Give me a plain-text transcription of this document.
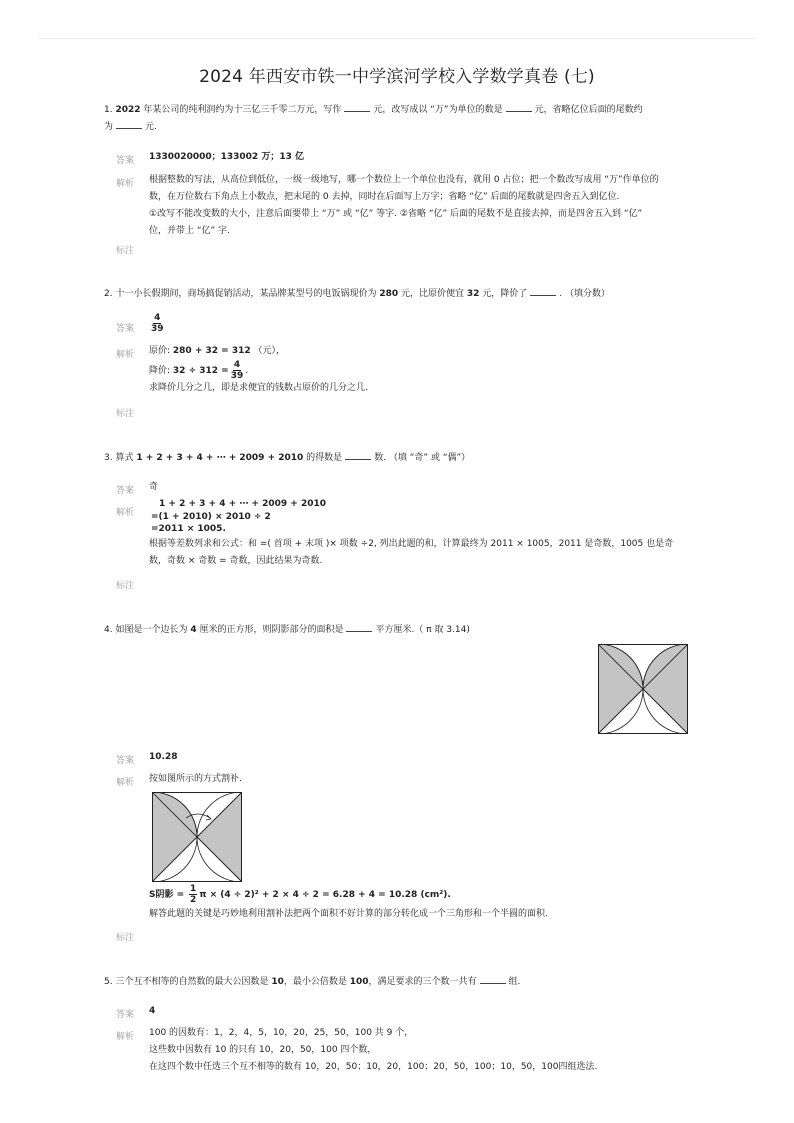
2024 年西安市铁一中学滨河学校入学数学真卷 (七)
1. 2022 年某公司的纯利润约为十三亿三千零二万元，写作	元，改写成以 “万”为单位的数是	元，省略亿位后面的尾数约
为	元.
答案 1330020000；133002 万；13 亿
解析 根据整数的写法，从高位到低位，一级一级地写，哪一个数位上一个单位也没有，就用 0 占位；把一个数改写成用 “万”作单位的
数，在万位数右下角点上小数点，把末尾的 0 去掉，同时在后面写上万字；省略 “亿” 后面的尾数就是四舍五入到亿位.
①改写不能改变数的大小，注意后面要带上 “万” 或 “亿” 等字. ②省略 “亿” 后面的尾数不是直接去掉，而是四舍五入到 “亿”
位，并带上 “亿” 字.
标注
2. 十一小长假期间，商场搞促销活动，某品牌某型号的电饭锅现价为 280 元，比原价便宜 32 元，降价了	. （填分数）
答案 $\frac{4}{39}$
解析 原价: 280 + 32 = 312 （元），
降价: $32 \div 312 = \frac{4}{39}$ .
求降价几分之几，即是求便宜的钱数占原价的几分之几.
标注
3. 算式 1 + 2 + 3 + 4 + ⋯ + 2009 + 2010 的得数是	数. （填 “奇” 或 “偶”）
答案 奇
解析
1 + 2 + 3 + 4 + ⋯ + 2009 + 2010
=(1 + 2010) × 2010 ÷ 2
=2011 × 1005.
根据等差数列求和公式：和 =( 首项 + 末项 )× 项数 ÷2, 列出此题的和，计算最终为 2011 × 1005，2011 是奇数，1005 也是奇
数，奇数 × 奇数 = 奇数，因此结果为奇数.
标注
4. 如图是一个边长为 4 厘米的正方形，则阴影部分的面积是	平方厘米.（ π 取 3.14)
答案 10.28
解析 按如图所示的方式割补.
S阴影 = $\frac{1}{2}$ π × (4 ÷ 2)² + 2 × 4 ÷ 2 = 6.28 + 4 = 10.28 (cm²).
解答此题的关键是巧妙地利用割补法把两个面积不好计算的部分转化成一个三角形和一个半圆的面积.
标注
5. 三个互不相等的自然数的最大公因数是 10，最小公倍数是 100，满足要求的三个数一共有	组.
答案 4
解析 100 的因数有：1，2，4，5，10，20，25，50，100 共 9 个，
这些数中因数有 10 的只有 10，20，50，100 四个数，
在这四个数中任选三个互不相等的数有 10，20，50；10，20，100；20，50，100；10，50，100四组选法.
